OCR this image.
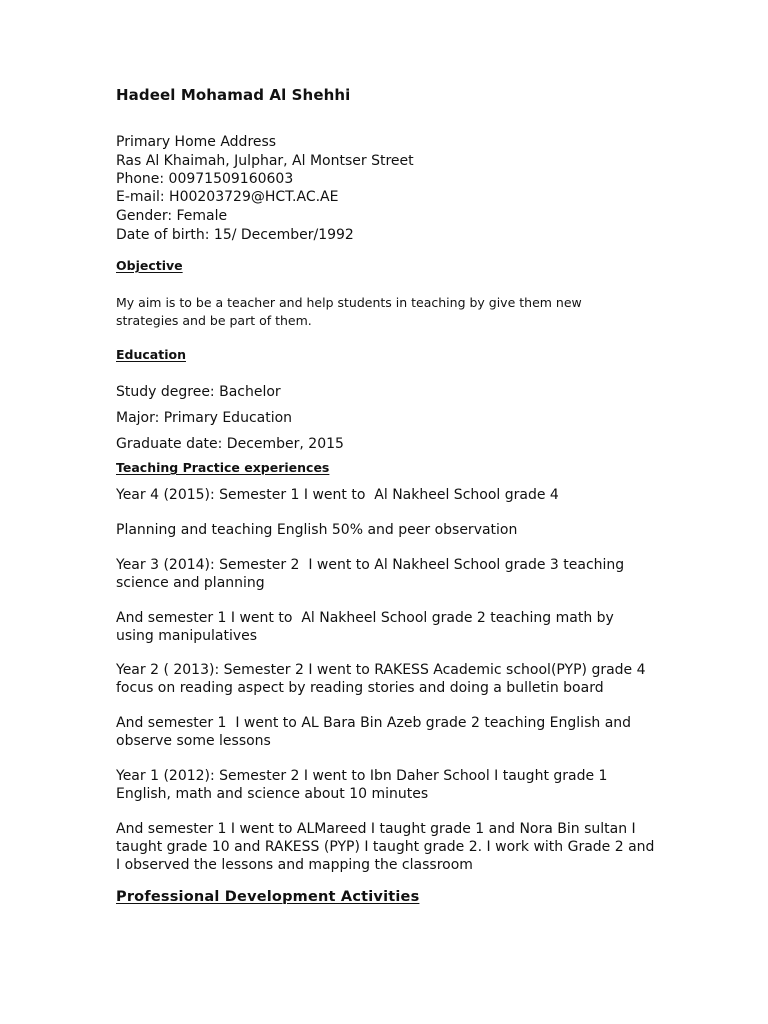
Hadeel Mohamad Al Shehhi

Primary Home Address

Ras Al Khaimah, Julphar, Al Montser Street

Phone: 00971509160603

E-mail: H00203729@HCT.AC.AE

Gender: Female

Date of birth: 15/ December/1992

Objective

My aim is to be a teacher and help students in teaching by give them new strategies and be part of them.

Education

Study degree: Bachelor

Major: Primary Education

Graduate date: December, 2015

Teaching Practice experiences

Year 4 (2015): Semester 1 I went to  Al Nakheel School grade 4

Planning and teaching English 50% and peer observation

Year 3 (2014): Semester 2  I went to Al Nakheel School grade 3 teaching science and planning

And semester 1 I went to  Al Nakheel School grade 2 teaching math by using manipulatives

Year 2 ( 2013): Semester 2 I went to RAKESS Academic school(PYP) grade 4 focus on reading aspect by reading stories and doing a bulletin board

And semester 1  I went to AL Bara Bin Azeb grade 2 teaching English and observe some lessons

Year 1 (2012): Semester 2 I went to Ibn Daher School I taught grade 1 English, math and science about 10 minutes

And semester 1 I went to ALMareed I taught grade 1 and Nora Bin sultan I taught grade 10 and RAKESS (PYP) I taught grade 2. I work with Grade 2 and I observed the lessons and mapping the classroom

Professional Development Activities
